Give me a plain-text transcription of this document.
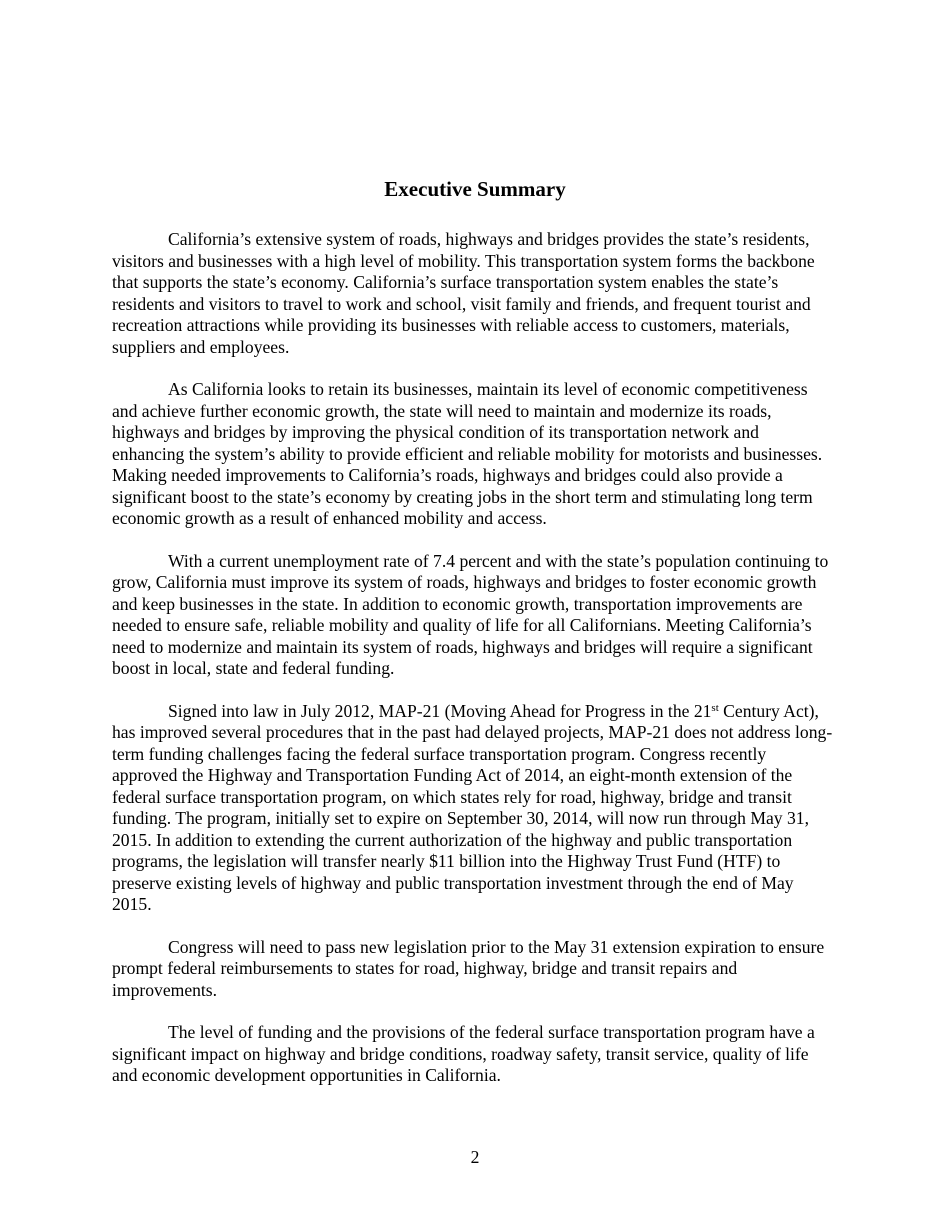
Executive Summary

California’s extensive system of roads, highways and bridges provides the state’s residents, visitors and businesses with a high level of mobility. This transportation system forms the backbone that supports the state’s economy. California’s surface transportation system enables the state’s residents and visitors to travel to work and school, visit family and friends, and frequent tourist and recreation attractions while providing its businesses with reliable access to customers, materials, suppliers and employees.

As California looks to retain its businesses, maintain its level of economic competitiveness and achieve further economic growth, the state will need to maintain and modernize its roads, highways and bridges by improving the physical condition of its transportation network and enhancing the system’s ability to provide efficient and reliable mobility for motorists and businesses. Making needed improvements to California’s roads, highways and bridges could also provide a significant boost to the state’s economy by creating jobs in the short term and stimulating long term economic growth as a result of enhanced mobility and access.

With a current unemployment rate of 7.4 percent and with the state’s population continuing to grow, California must improve its system of roads, highways and bridges to foster economic growth and keep businesses in the state. In addition to economic growth, transportation improvements are needed to ensure safe, reliable mobility and quality of life for all Californians. Meeting California’s need to modernize and maintain its system of roads, highways and bridges will require a significant boost in local, state and federal funding.

Signed into law in July 2012, MAP-21 (Moving Ahead for Progress in the 21st Century Act), has improved several procedures that in the past had delayed projects, MAP-21 does not address long-term funding challenges facing the federal surface transportation program. Congress recently approved the Highway and Transportation Funding Act of 2014, an eight-month extension of the federal surface transportation program, on which states rely for road, highway, bridge and transit funding. The program, initially set to expire on September 30, 2014, will now run through May 31, 2015. In addition to extending the current authorization of the highway and public transportation programs, the legislation will transfer nearly $11 billion into the Highway Trust Fund (HTF) to preserve existing levels of highway and public transportation investment through the end of May 2015.

Congress will need to pass new legislation prior to the May 31 extension expiration to ensure prompt federal reimbursements to states for road, highway, bridge and transit repairs and improvements.

The level of funding and the provisions of the federal surface transportation program have a significant impact on highway and bridge conditions, roadway safety, transit service, quality of life and economic development opportunities in California.

2
